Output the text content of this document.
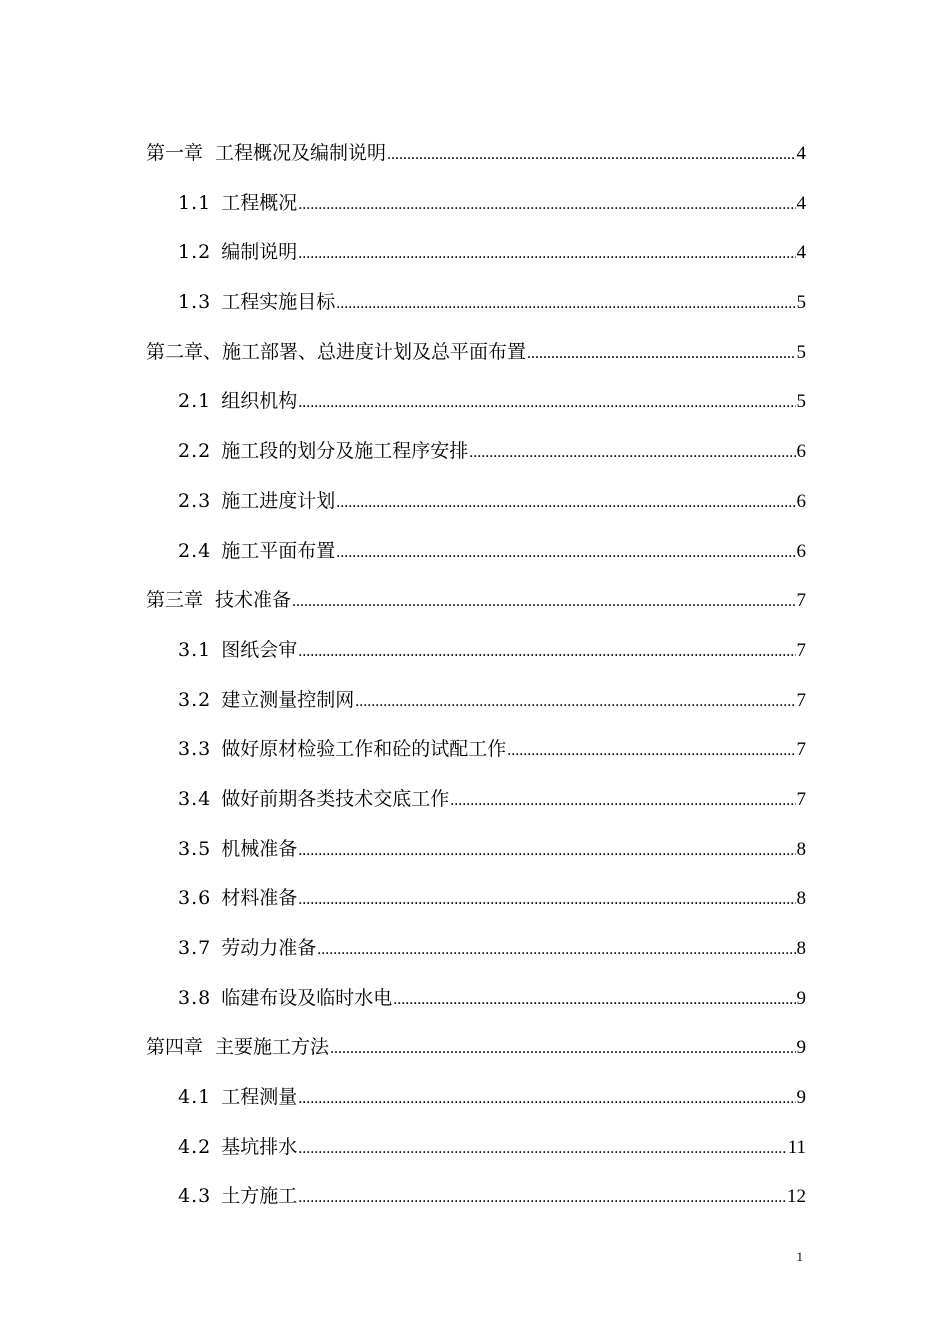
第一章 工程概况及编制说明 .....	4
1.1 工程概况 .....	4
1.2 编制说明 .....	4
1.3 工程实施目标 .....	5
第二章、施工部署、总进度计划及总平面布置 .....	5
2.1 组织机构 .....	5
2.2 施工段的划分及施工程序安排 .....	6
2.3 施工进度计划 .....	6
2.4 施工平面布置 .....	6
第三章 技术准备 .....	7
3.1 图纸会审 .....	7
3.2 建立测量控制网 .....	7
3.3 做好原材检验工作和砼的试配工作 .....	7
3.4 做好前期各类技术交底工作 .....	7
3.5 机械准备 .....	8
3.6 材料准备 .....	8
3.7 劳动力准备 .....	8
3.8 临建布设及临时水电 .....	9
第四章 主要施工方法 .....	9
4.1 工程测量 .....	9
4.2 基坑排水 .....	11
4.3 土方施工 .....	12
1
